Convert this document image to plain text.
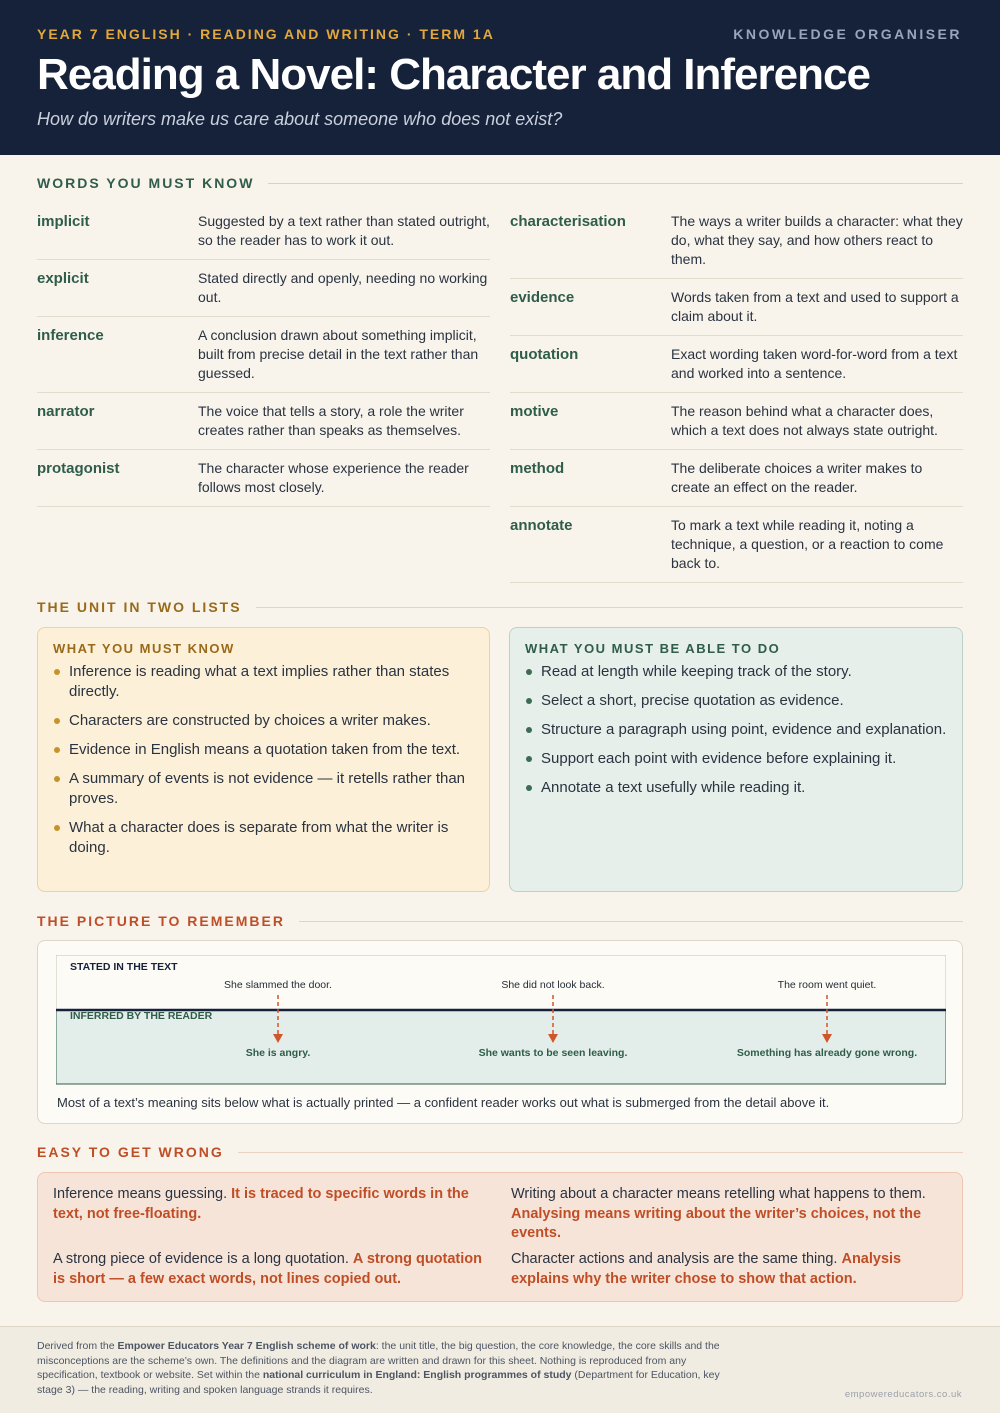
YEAR 7 ENGLISH · READING AND WRITING · TERM 1A	KNOWLEDGE ORGANISER
Reading a Novel: Character and Inference
How do writers make us care about someone who does not exist?
WORDS YOU MUST KNOW
implicit	Suggested by a text rather than stated outright, so the reader has to work it out.
explicit	Stated directly and openly, needing no working out.
inference	A conclusion drawn about something implicit, built from precise detail in the text rather than guessed.
narrator	The voice that tells a story, a role the writer creates rather than speaks as themselves.
protagonist	The character whose experience the reader follows most closely.
characterisation	The ways a writer builds a character: what they do, what they say, and how others react to them.
evidence	Words taken from a text and used to support a claim about it.
quotation	Exact wording taken word-for-word from a text and worked into a sentence.
motive	The reason behind what a character does, which a text does not always state outright.
method	The deliberate choices a writer makes to create an effect on the reader.
annotate	To mark a text while reading it, noting a technique, a question, or a reaction to come back to.
THE UNIT IN TWO LISTS
WHAT YOU MUST KNOW
Inference is reading what a text implies rather than states directly.
Characters are constructed by choices a writer makes.
Evidence in English means a quotation taken from the text.
A summary of events is not evidence — it retells rather than proves.
What a character does is separate from what the writer is doing.
WHAT YOU MUST BE ABLE TO DO
Read at length while keeping track of the story.
Select a short, precise quotation as evidence.
Structure a paragraph using point, evidence and explanation.
Support each point with evidence before explaining it.
Annotate a text usefully while reading it.
THE PICTURE TO REMEMBER
STATED IN THE TEXT
INFERRED BY THE READER
She slammed the door.
She is angry.
She did not look back.
She wants to be seen leaving.
The room went quiet.
Something has already gone wrong.
Most of a text’s meaning sits below what is actually printed — a confident reader works out what is submerged from the detail above it.
EASY TO GET WRONG

Inference means guessing. It is traced to specific words in the text, not free-floating.

Writing about a character means retelling what happens to them. Analysing means writing about the writer’s choices, not the events.

A strong piece of evidence is a long quotation. A strong quotation is short — a few exact words, not lines copied out.

Character actions and analysis are the same thing. Analysis explains why the writer chose to show that action.

Derived from the Empower Educators Year 7 English scheme of work: the unit title, the big question, the core knowledge, the core skills and the misconceptions are the scheme’s own. The definitions and the diagram are written and drawn for this sheet. Nothing is reproduced from any specification, textbook or website. Set within the national curriculum in England: English programmes of study (Department for Education, key stage 3) — the reading, writing and spoken language strands it requires.	empowereducators.co.uk
